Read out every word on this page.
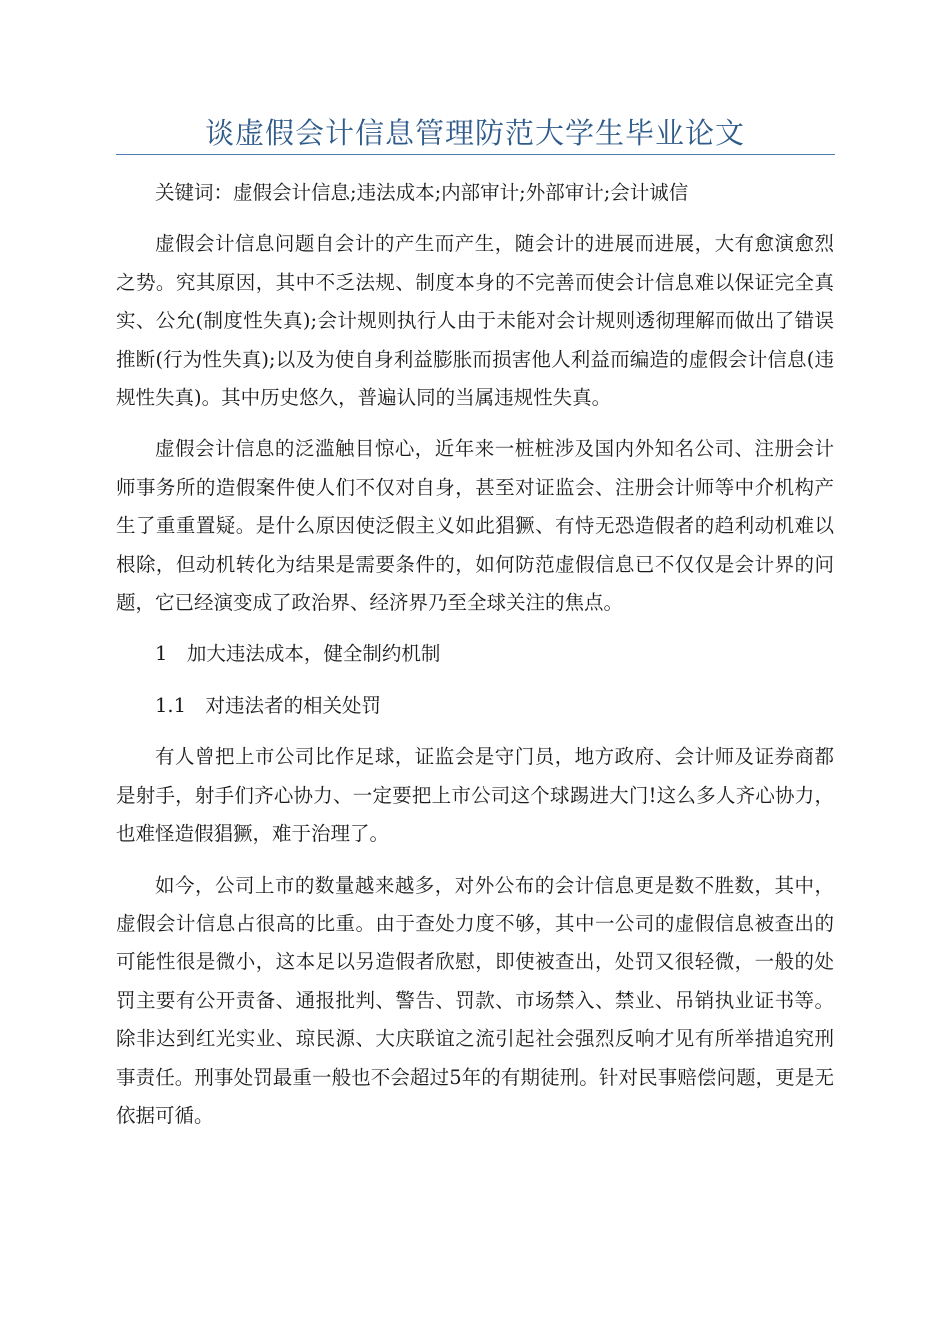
谈虚假会计信息管理防范大学生毕业论文

关键词：虚假会计信息;违法成本;内部审计;外部审计;会计诚信

虚假会计信息问题自会计的产生而产生，随会计的进展而进展，大有愈演愈烈之势。究其原因，其中不乏法规、制度本身的不完善而使会计信息难以保证完全真实、公允(制度性失真);会计规则执行人由于未能对会计规则透彻理解而做出了错误推断(行为性失真);以及为使自身利益膨胀而损害他人利益而编造的虚假会计信息(违规性失真)。其中历史悠久，普遍认同的当属违规性失真。

虚假会计信息的泛滥触目惊心，近年来一桩桩涉及国内外知名公司、注册会计师事务所的造假案件使人们不仅对自身，甚至对证监会、注册会计师等中介机构产生了重重置疑。是什么原因使泛假主义如此猖獗、有恃无恐造假者的趋利动机难以根除，但动机转化为结果是需要条件的，如何防范虚假信息已不仅仅是会计界的问题，它已经演变成了政治界、经济界乃至全球关注的焦点。

1　加大违法成本，健全制约机制

1.1　对违法者的相关处罚

有人曾把上市公司比作足球，证监会是守门员，地方政府、会计师及证券商都是射手，射手们齐心协力、一定要把上市公司这个球踢进大门!这么多人齐心协力，也难怪造假猖獗，难于治理了。

如今，公司上市的数量越来越多，对外公布的会计信息更是数不胜数，其中，虚假会计信息占很高的比重。由于查处力度不够，其中一公司的虚假信息被查出的可能性很是微小，这本足以另造假者欣慰，即使被查出，处罚又很轻微，一般的处罚主要有公开责备、通报批判、警告、罚款、市场禁入、禁业、吊销执业证书等。除非达到红光实业、琼民源、大庆联谊之流引起社会强烈反响才见有所举措追究刑事责任。刑事处罚最重一般也不会超过5年的有期徒刑。针对民事赔偿问题，更是无依据可循。
